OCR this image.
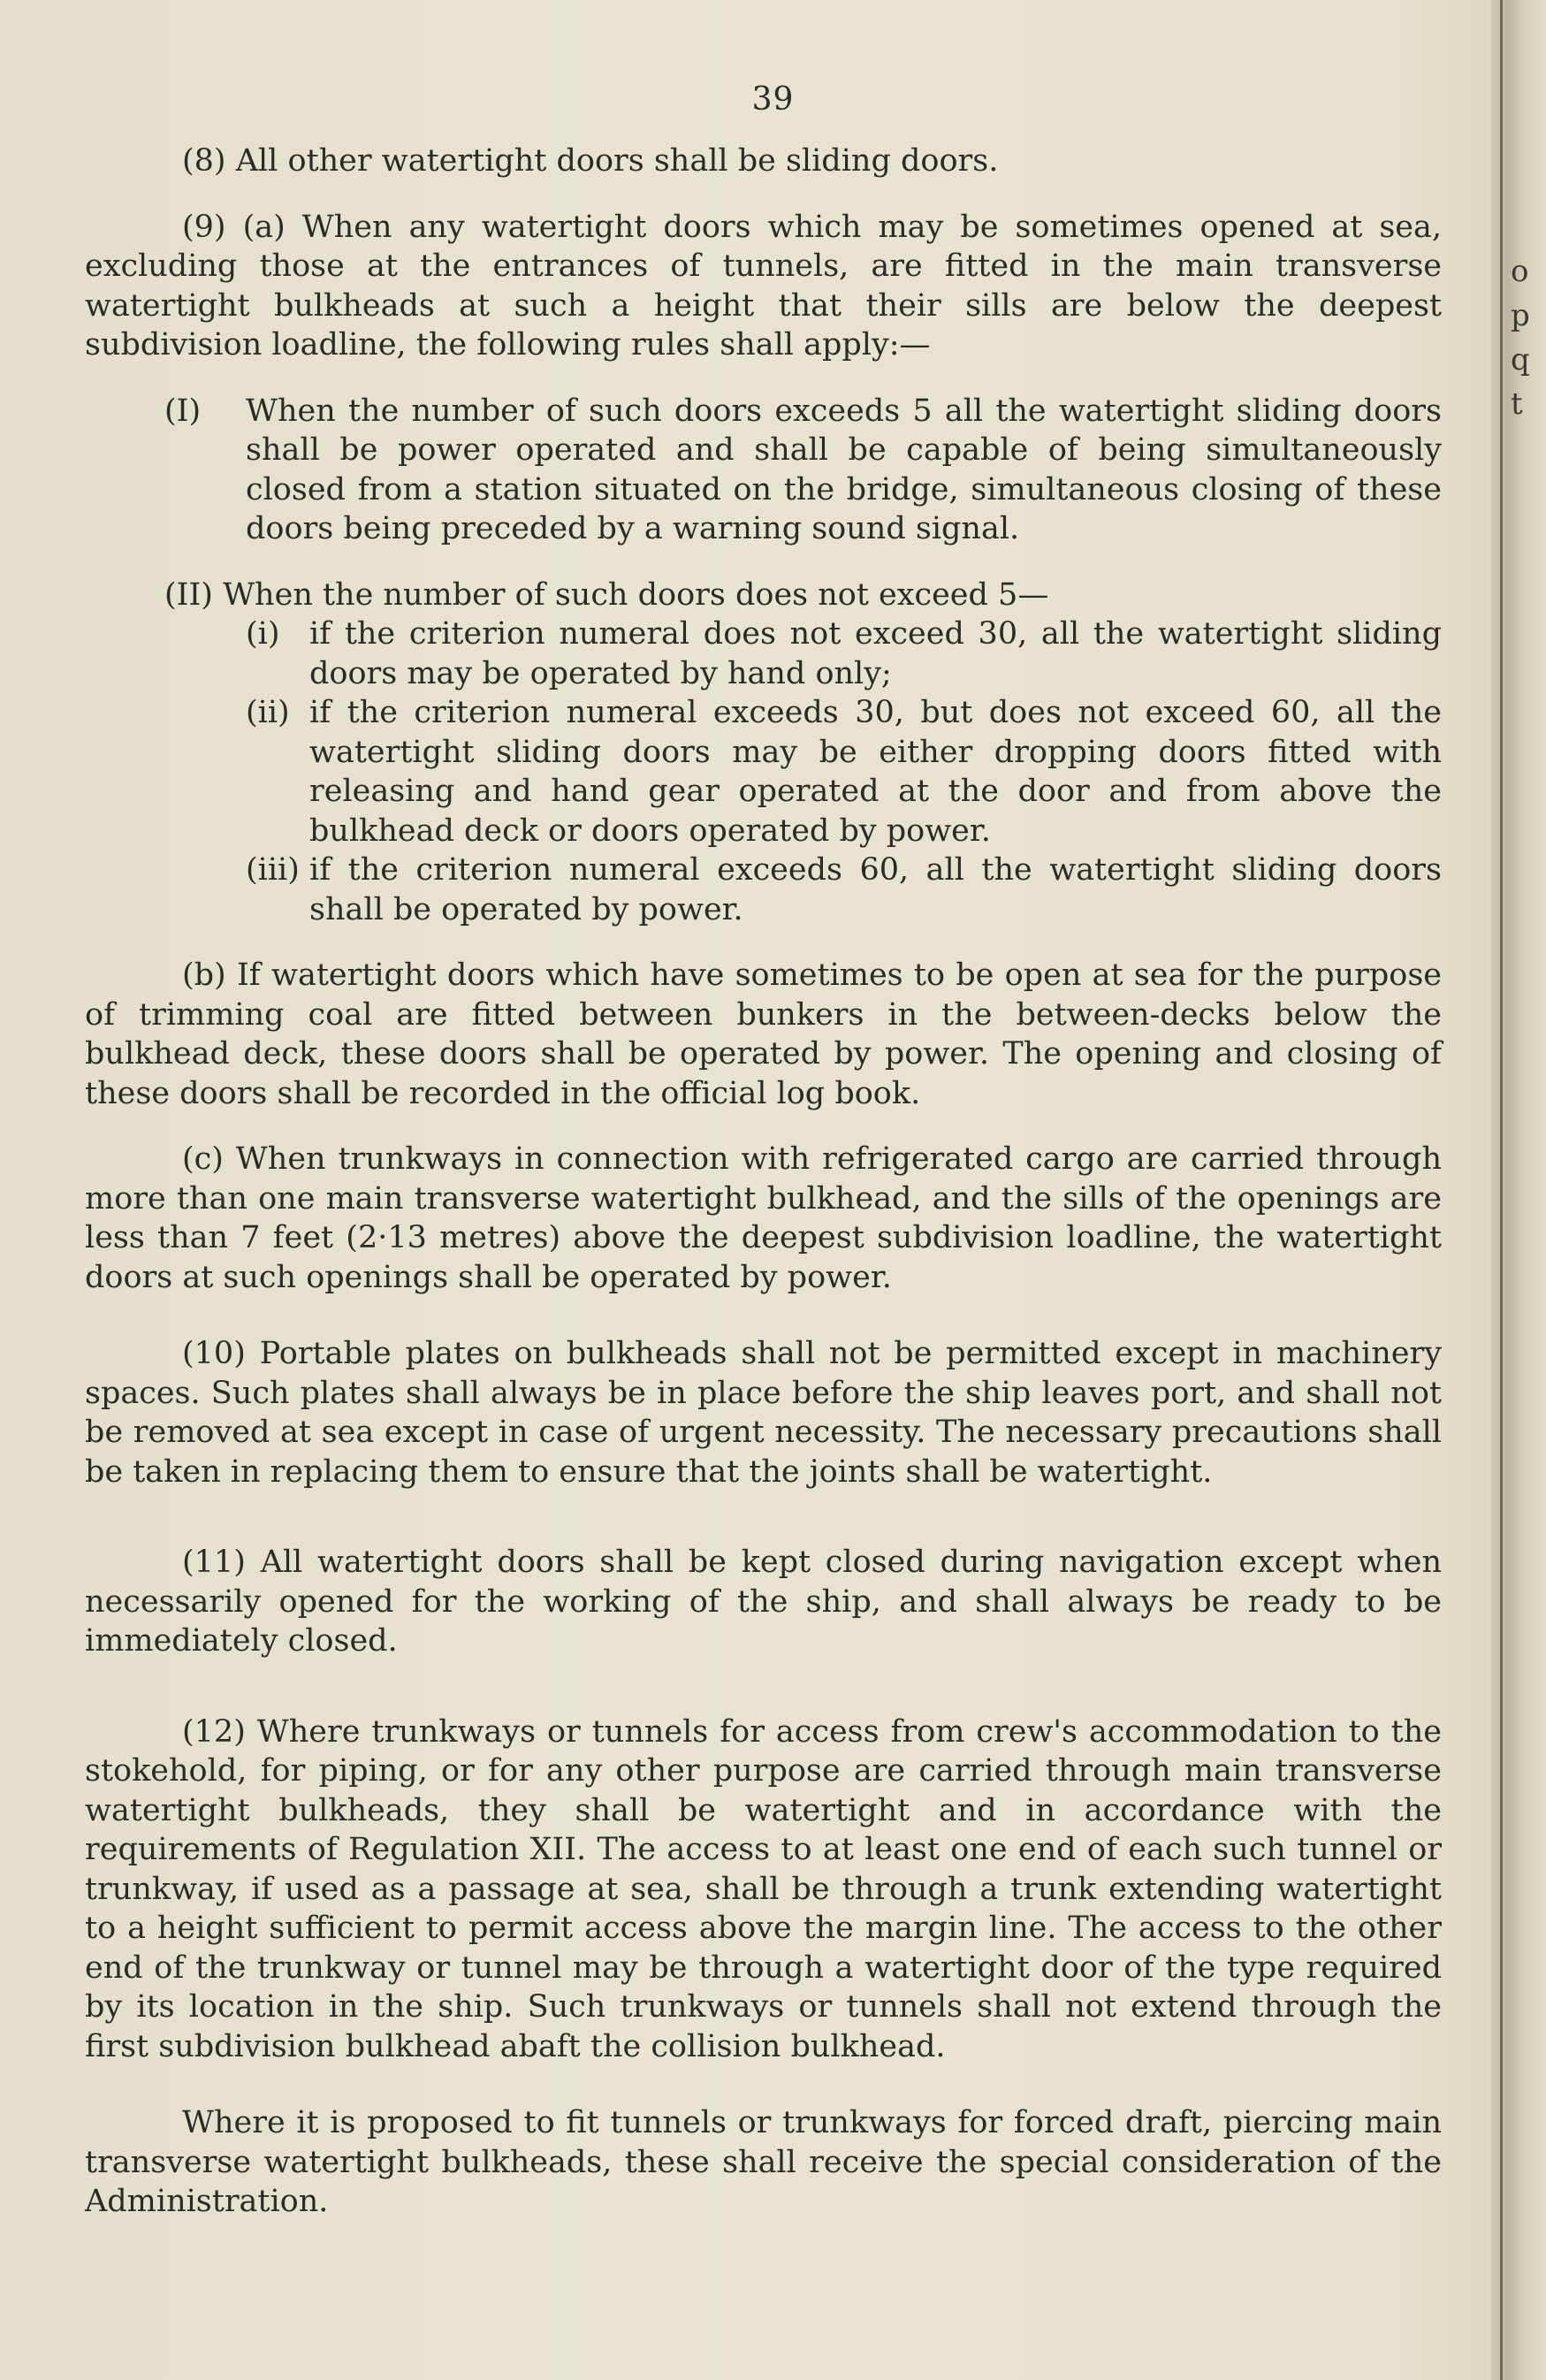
o
p
q
t
39

(8) All other watertight doors shall be sliding doors.

(9) (a) When any watertight doors which may be sometimes opened at sea, excluding those at the entrances of tunnels, are fitted in the main transverse watertight bulkheads at such a height that their sills are below the deepest subdivision loadline, the following rules shall apply:—

(I) When the number of such doors exceeds 5 all the watertight sliding doors shall be power operated and shall be capable of being simultaneously closed from a station situated on the bridge, simultaneous closing of these doors being preceded by a warning sound signal.

(II) When the number of such doors does not exceed 5—

(i) if the criterion numeral does not exceed 30, all the watertight sliding doors may be operated by hand only;

(ii) if the criterion numeral exceeds 30, but does not exceed 60, all the watertight sliding doors may be either dropping doors fitted with releasing and hand gear operated at the door and from above the bulkhead deck or doors operated by power.

(iii) if the criterion numeral exceeds 60, all the watertight sliding doors shall be operated by power.

(b) If watertight doors which have sometimes to be open at sea for the purpose of trimming coal are fitted between bunkers in the between-decks below the bulkhead deck, these doors shall be operated by power. The opening and closing of these doors shall be recorded in the official log book.

(c) When trunkways in connection with refrigerated cargo are carried through more than one main transverse watertight bulkhead, and the sills of the openings are less than 7 feet (2·13 metres) above the deepest subdivision loadline, the watertight doors at such openings shall be operated by power.

(10) Portable plates on bulkheads shall not be permitted except in machinery spaces. Such plates shall always be in place before the ship leaves port, and shall not be removed at sea except in case of urgent necessity. The necessary precautions shall be taken in replacing them to ensure that the joints shall be watertight.

(11) All watertight doors shall be kept closed during navigation except when necessarily opened for the working of the ship, and shall always be ready to be immediately closed.

(12) Where trunkways or tunnels for access from crew's accommodation to the stokehold, for piping, or for any other purpose are carried through main transverse watertight bulkheads, they shall be watertight and in accordance with the requirements of Regulation XII. The access to at least one end of each such tunnel or trunkway, if used as a passage at sea, shall be through a trunk extending watertight to a height sufficient to permit access above the margin line. The access to the other end of the trunkway or tunnel may be through a watertight door of the type required by its location in the ship. Such trunkways or tunnels shall not extend through the first subdivision bulkhead abaft the collision bulkhead.

Where it is proposed to fit tunnels or trunkways for forced draft, piercing main transverse watertight bulkheads, these shall receive the special consideration of the Administration.
